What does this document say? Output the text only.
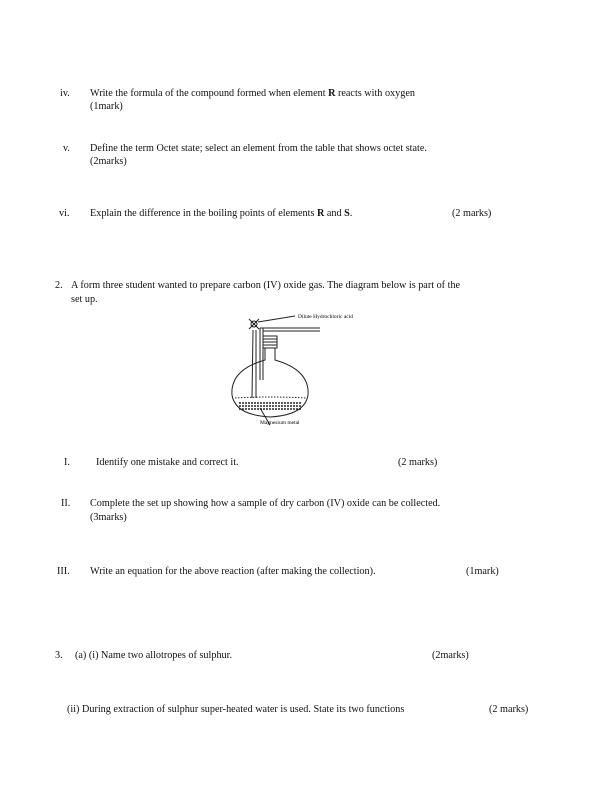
iv. Write the formula of the compound formed when element R reacts with oxygen
(1mark)
v. Define the term Octet state; select an element from the table that shows octet state.
(2marks)
vi. Explain the difference in the boiling points of elements R and S.	(2 marks)
2. A form three student wanted to prepare carbon (IV) oxide gas. The diagram below is part of the
set up.
Dilute Hydrochloric acid
Magnesium metal
I.	Identify one mistake and correct it.	(2 marks)
II. Complete the set up showing how a sample of dry carbon (IV) oxide can be collected.
(3marks)
III. Write an equation for the above reaction (after making the collection).	(1mark)
3. (a) (i) Name two allotropes of sulphur.	(2marks)
(ii) During extraction of sulphur super-heated water is used. State its two functions	(2 marks)
